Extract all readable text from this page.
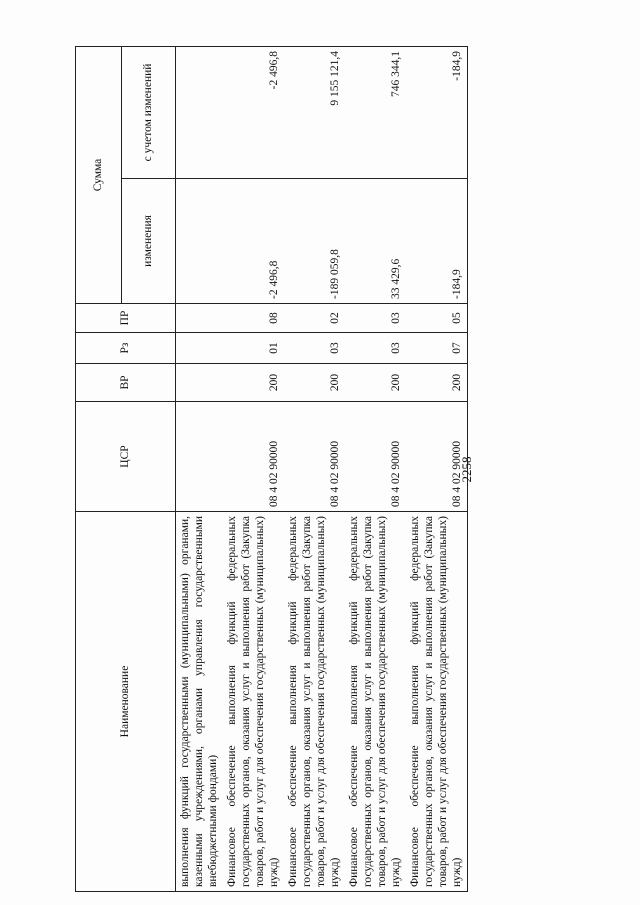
Наименование	ЦСР	ВР	Рз	ПР	Сумма	
					изменения	с учетом изменений
выполнения функций государственными (муниципальными) органами, казенными учреждениями, органами управления государственными внебюджетными фондами)						
Финансовое обеспечение выполнения функций федеральных государственных органов, оказания услуг и выполнения работ (Закупка товаров, работ и услуг для обеспечения государственных (муниципальных) нужд)	08 4 02 90000	200	01	08	-2 496,8	-2 496,8
Финансовое обеспечение выполнения функций федеральных государственных органов, оказания услуг и выполнения работ (Закупка товаров, работ и услуг для обеспечения государственных (муниципальных) нужд)	08 4 02 90000	200	03	02	-189 059,8	9 155 121,4
Финансовое обеспечение выполнения функций федеральных государственных органов, оказания услуг и выполнения работ (Закупка товаров, работ и услуг для обеспечения государственных (муниципальных) нужд)	08 4 02 90000	200	03	03	33 429,6	746 344,1
Финансовое обеспечение выполнения функций федеральных государственных органов, оказания услуг и выполнения работ (Закупка товаров, работ и услуг для обеспечения государственных (муниципальных) нужд)	08 4 02 90000	200	07	05	-184,9	-184,9
2258
